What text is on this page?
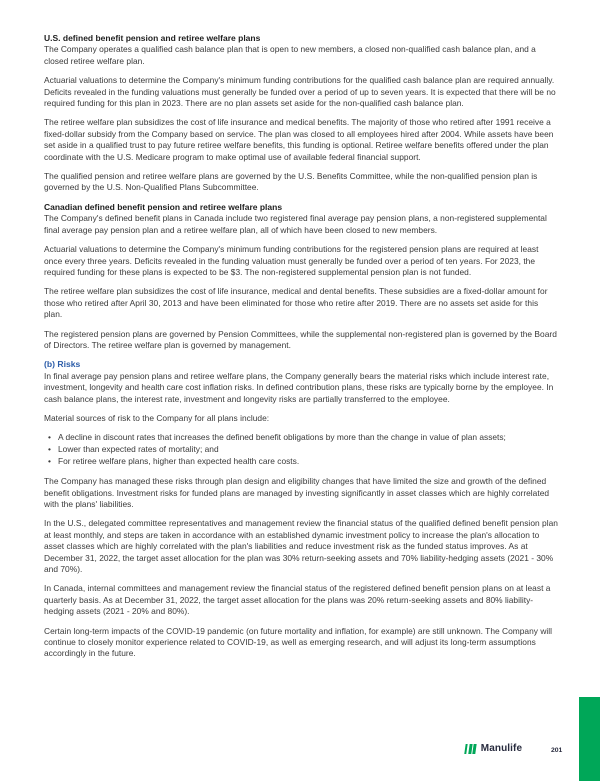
U.S. defined benefit pension and retiree welfare plans

The Company operates a qualified cash balance plan that is open to new members, a closed non-qualified cash balance plan, and a closed retiree welfare plan.

Actuarial valuations to determine the Company's minimum funding contributions for the qualified cash balance plan are required annually. Deficits revealed in the funding valuations must generally be funded over a period of up to seven years. It is expected that there will be no required funding for this plan in 2023. There are no plan assets set aside for the non-qualified cash balance plan.

The retiree welfare plan subsidizes the cost of life insurance and medical benefits. The majority of those who retired after 1991 receive a fixed-dollar subsidy from the Company based on service. The plan was closed to all employees hired after 2004. While assets have been set aside in a qualified trust to pay future retiree welfare benefits, this funding is optional. Retiree welfare benefits offered under the plan coordinate with the U.S. Medicare program to make optimal use of available federal financial support.

The qualified pension and retiree welfare plans are governed by the U.S. Benefits Committee, while the non-qualified pension plan is governed by the U.S. Non-Qualified Plans Subcommittee.

Canadian defined benefit pension and retiree welfare plans

The Company's defined benefit plans in Canada include two registered final average pay pension plans, a non-registered supplemental final average pay pension plan and a retiree welfare plan, all of which have been closed to new members.

Actuarial valuations to determine the Company's minimum funding contributions for the registered pension plans are required at least once every three years. Deficits revealed in the funding valuation must generally be funded over a period of ten years. For 2023, the required funding for these plans is expected to be $3. The non-registered supplemental pension plan is not funded.

The retiree welfare plan subsidizes the cost of life insurance, medical and dental benefits. These subsidies are a fixed-dollar amount for those who retired after April 30, 2013 and have been eliminated for those who retire after 2019. There are no assets set aside for this plan.

The registered pension plans are governed by Pension Committees, while the supplemental non-registered plan is governed by the Board of Directors. The retiree welfare plan is governed by management.

(b) Risks

In final average pay pension plans and retiree welfare plans, the Company generally bears the material risks which include interest rate, investment, longevity and health care cost inflation risks. In defined contribution plans, these risks are typically borne by the employee. In cash balance plans, the interest rate, investment and longevity risks are partially transferred to the employee.

Material sources of risk to the Company for all plans include:

• A decline in discount rates that increases the defined benefit obligations by more than the change in value of plan assets;
• Lower than expected rates of mortality; and
• For retiree welfare plans, higher than expected health care costs.

The Company has managed these risks through plan design and eligibility changes that have limited the size and growth of the defined benefit obligations. Investment risks for funded plans are managed by investing significantly in asset classes which are highly correlated with the plans' liabilities.

In the U.S., delegated committee representatives and management review the financial status of the qualified defined benefit pension plan at least monthly, and steps are taken in accordance with an established dynamic investment policy to increase the plan's allocation to asset classes which are highly correlated with the plan's liabilities and reduce investment risk as the funded status improves. As at December 31, 2022, the target asset allocation for the plan was 30% return-seeking assets and 70% liability-hedging assets (2021 - 30% and 70%).

In Canada, internal committees and management review the financial status of the registered defined benefit pension plans on at least a quarterly basis. As at December 31, 2022, the target asset allocation for the plans was 20% return-seeking assets and 80% liability-hedging assets (2021 - 20% and 80%).

Certain long-term impacts of the COVID-19 pandemic (on future mortality and inflation, for example) are still unknown. The Company will continue to closely monitor experience related to COVID-19, as well as emerging research, and will adjust its long-term assumptions accordingly in the future.

Manulife	201
